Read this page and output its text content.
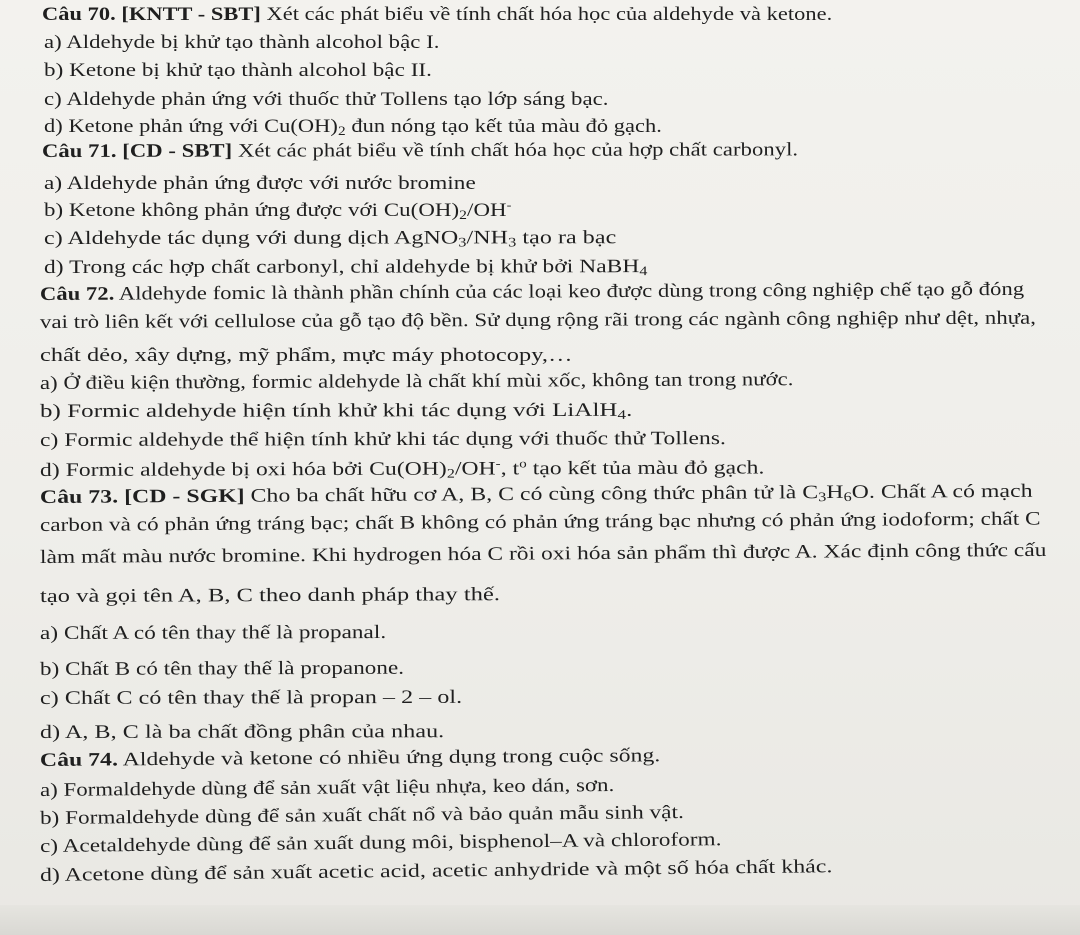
Câu 70. [KNTT - SBT] Xét các phát biểu về tính chất hóa học của aldehyde và ketone.
a) Aldehyde bị khử tạo thành alcohol bậc I.
b) Ketone bị khử tạo thành alcohol bậc II.
c) Aldehyde phản ứng với thuốc thử Tollens tạo lớp sáng bạc.
d) Ketone phản ứng với $Cu(OH)_2$ đun nóng tạo kết tủa màu đỏ gạch.
Câu 71. [CD - SBT] Xét các phát biểu về tính chất hóa học của hợp chất carbonyl.
a) Aldehyde phản ứng được với nước bromine
b) Ketone không phản ứng được với $Cu(OH)_2/OH^-$
c) Aldehyde tác dụng với dung dịch $AgNO_3/NH_3$ tạo ra bạc
d) Trong các hợp chất carbonyl, chỉ aldehyde bị khử bởi NaBH$_4$
Câu 72. Aldehyde fomic là thành phần chính của các loại keo được dùng trong công nghiệp chế tạo gỗ đóng
vai trò liên kết với cellulose của gỗ tạo độ bền. Sử dụng rộng rãi trong các ngành công nghiệp như dệt, nhựa,
chất dẻo, xây dựng, mỹ phẩm, mực máy photocopy,…
a) Ở điều kiện thường, formic aldehyde là chất khí mùi xốc, không tan trong nước.
b) Formic aldehyde hiện tính khử khi tác dụng với LiAlH$_4$.
c) Formic aldehyde thể hiện tính khử khi tác dụng với thuốc thử Tollens.
d) Formic aldehyde bị oxi hóa bởi $Cu(OH)_2/OH^-$, $t^o$ tạo kết tủa màu đỏ gạch.
Câu 73. [CD - SGK] Cho ba chất hữu cơ A, B, C có cùng công thức phân tử là $C_3H_6O$. Chất A có mạch
carbon và có phản ứng tráng bạc; chất B không có phản ứng tráng bạc nhưng có phản ứng iodoform; chất C
làm mất màu nước bromine. Khi hydrogen hóa C rồi oxi hóa sản phẩm thì được A. Xác định công thức cấu
tạo và gọi tên A, B, C theo danh pháp thay thế.
a) Chất A có tên thay thế là propanal.
b) Chất B có tên thay thế là propanone.
c) Chất C có tên thay thế là propan – 2 – ol.
d) A, B, C là ba chất đồng phân của nhau.
Câu 74. Aldehyde và ketone có nhiều ứng dụng trong cuộc sống.
a) Formaldehyde dùng để sản xuất vật liệu nhựa, keo dán, sơn.
b) Formaldehyde dùng để sản xuất chất nổ và bảo quản mẫu sinh vật.
c) Acetaldehyde dùng để sản xuất dung môi, bisphenol–A và chloroform.
d) Acetone dùng để sản xuất acetic acid, acetic anhydride và một số hóa chất khác.
